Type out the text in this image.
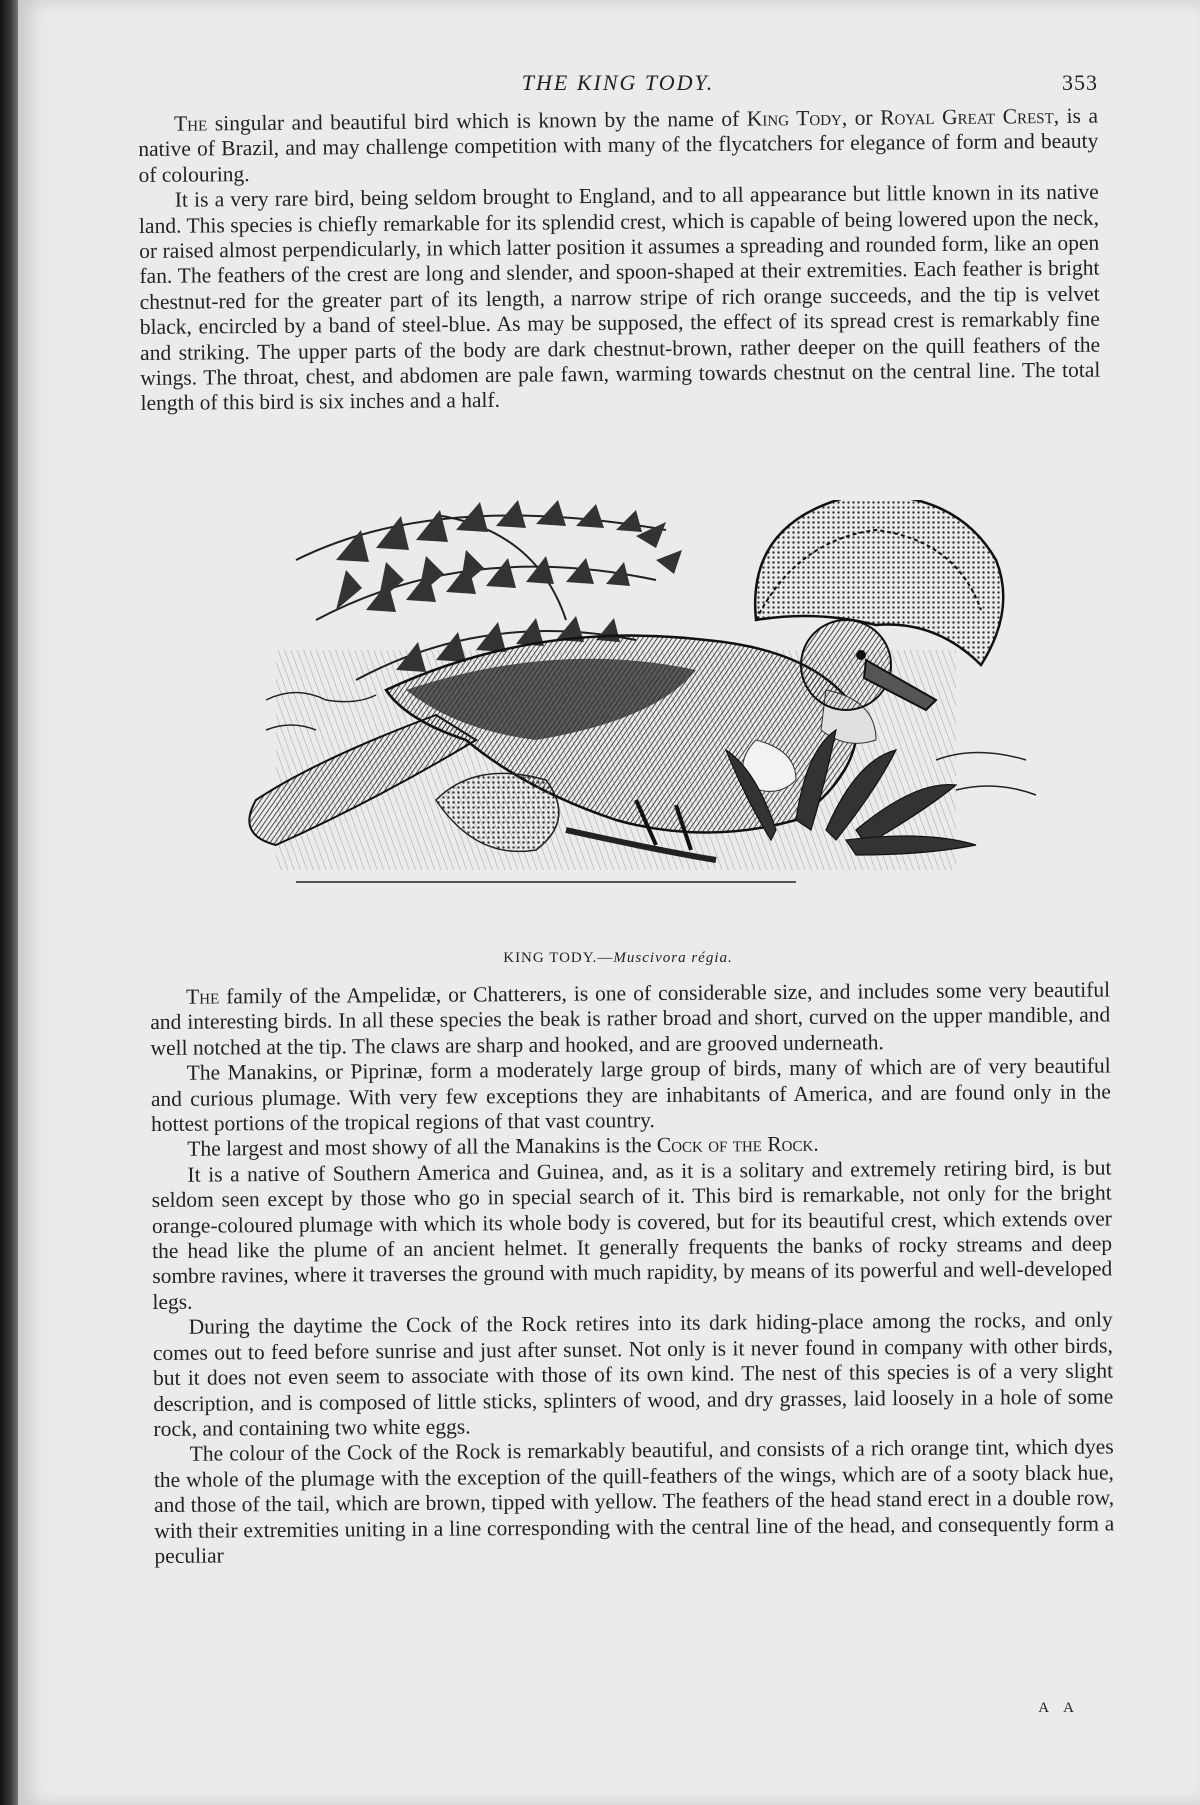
THE KING TODY.	353

The singular and beautiful bird which is known by the name of King Tody, or Royal Great Crest, is a native of Brazil, and may challenge competition with many of the flycatchers for elegance of form and beauty of colouring.

It is a very rare bird, being seldom brought to England, and to all appearance but little known in its native land. This species is chiefly remarkable for its splendid crest, which is capable of being lowered upon the neck, or raised almost perpendicularly, in which latter position it assumes a spreading and rounded form, like an open fan. The feathers of the crest are long and slender, and spoon-shaped at their extremities. Each feather is bright chestnut-red for the greater part of its length, a narrow stripe of rich orange succeeds, and the tip is velvet black, encircled by a band of steel-blue. As may be supposed, the effect of its spread crest is remarkably fine and striking. The upper parts of the body are dark chestnut-brown, rather deeper on the quill feathers of the wings. The throat, chest, and abdomen are pale fawn, warming towards chestnut on the central line. The total length of this bird is six inches and a half.

KING TODY.—Muscivora régia.

The family of the Ampelidæ, or Chatterers, is one of considerable size, and includes some very beautiful and interesting birds. In all these species the beak is rather broad and short, curved on the upper mandible, and well notched at the tip. The claws are sharp and hooked, and are grooved underneath.

The Manakins, or Piprinæ, form a moderately large group of birds, many of which are of very beautiful and curious plumage. With very few exceptions they are inhabitants of America, and are found only in the hottest portions of the tropical regions of that vast country.

The largest and most showy of all the Manakins is the Cock of the Rock.

It is a native of Southern America and Guinea, and, as it is a solitary and extremely retiring bird, is but seldom seen except by those who go in special search of it. This bird is remarkable, not only for the bright orange-coloured plumage with which its whole body is covered, but for its beautiful crest, which extends over the head like the plume of an ancient helmet. It generally frequents the banks of rocky streams and deep sombre ravines, where it traverses the ground with much rapidity, by means of its powerful and well-developed legs.

During the daytime the Cock of the Rock retires into its dark hiding-place among the rocks, and only comes out to feed before sunrise and just after sunset. Not only is it never found in company with other birds, but it does not even seem to associate with those of its own kind. The nest of this species is of a very slight description, and is composed of little sticks, splinters of wood, and dry grasses, laid loosely in a hole of some rock, and containing two white eggs.

The colour of the Cock of the Rock is remarkably beautiful, and consists of a rich orange tint, which dyes the whole of the plumage with the exception of the quill-feathers of the wings, which are of a sooty black hue, and those of the tail, which are brown, tipped with yellow. The feathers of the head stand erect in a double row, with their extremities uniting in a line corresponding with the central line of the head, and consequently form a peculiar

A A
